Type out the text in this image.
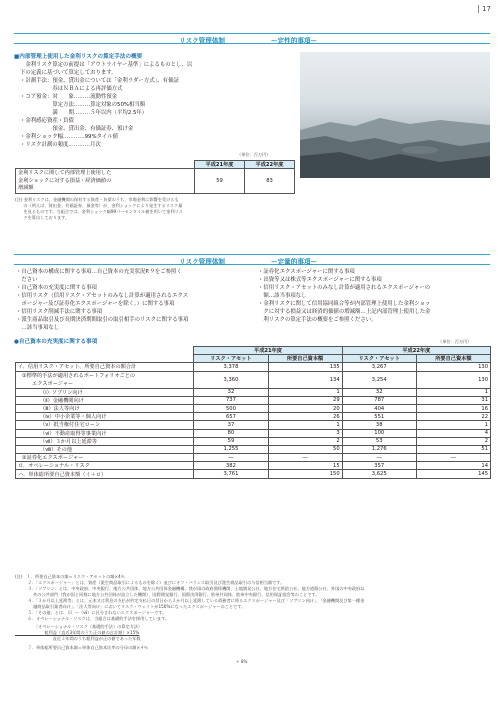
17
リスク管理体制	ー定性的事項ー
■内部管理上使用した金利リスクの算定手法の概要
　金利リスク算定の前提は「アウトライヤー基準」によるものとし、以
下の定義に基づいて算定しております。
・計測手法：預金、貸出金については「金利ラダー方式」、有価証
　　　　　　券はＮＢＡによる再評価方式
・コア預金：対　　象………流動性預金
　　　　　　算定方法………算定対象の50%相当額
　　　　　　満　　期………５年以内（平均2.5年）
・金利感応資産・負債
　　　　　　預金、貸出金、有価証券、預け金
・金利ショック幅…………99%タイル値
・リスク計測の頻度…………月次
（単位：百万円）
	平成21年度	平成22年度

金利リスクに関して内部管理上使用した
金利ショックに対する損益・経済価値の
増減額	59	83
(注) 金利リスクは、金融機関の保有する資産・負債のうち、市場金利に影響を受けるも
　　の（例えば、貸出金、有価証券、預金等）が、金利ショックにより発生するリスク量
　　を見るものです。当組合では、金利ショック幅99パーセンタイル値を用いて金利リス
　　クを算出しております。
リスク管理体制	ー定量的事項ー
・自己資本の構成に関する事項…自己資本の充実状況P.９をご参照く
　ださい
・自己資本の充実度に関する事項
・信用リスク（信用リスク・アセットのみなし計算が適用されるエクス
　ポージャー及び証券化エクスポージャーを除く。）に関する事項
・信用リスク削減手法に関する事項
・派生商品取引及び長期決済期間取引の取引相手のリスクに関する事項
　…該当事項なし
・証券化エクスポージャーに関する事項
・出資等又は株式等エクスポージャーに関する事項
・信用リスク・アセットのみなし計算が適用されるエクスポージャーの
　額…該当事項なし
・金利リスクに関して信用協同組合等が内部管理上使用した金利ショッ
　クに対する損益又は経済的価値の増減額…上記内部管理上使用した金
　利リスクの算定手法の概要をご参照ください。
●自己資本の充実度に関する事項	（単位：百万円）
	平成21年度		平成22年度	
	リスク・アセット	所要自己資本額	リスク・アセット	所要自己資本額
イ．信用リスク・アセット、所要自己資本の額合計	3,378	135	3,267	130

①標準的手法が適用されるポートフォリオごとの
エクスポージャー	3,360	134	3,254	130
（ⅰ）ソブリン向け	32	1	32	1
（ⅱ）金融機関向け	737	29	787	31
（ⅲ）法人等向け	500	20	404	16
（ⅳ）中小企業等・個人向け	657	26	551	22
（ⅴ）抵当権付住宅ローン	37	1	38	1
（ⅵ）不動産取得等事業向け	80	3	100	4
（ⅶ）３か月以上延滞等	59	2	53	2
（ⅷ）その他	1,255	50	1,276	51
②証券化エクスポージャー	―	―	―	―
ロ．オペレーショナル・リスク	382	15	357	14
ハ．単体総所要自己資本額（イ＋ロ）	3,761	150	3,625	145
(注)　１．所要自己資本の額＝リスク・アセットの額×4％
　　　２．「エクスポージャー」とは、資産（派生商品取引によるものを除く）並びにオフ・バランス取引及び派生商品取引の与信相当額です。
　　　３．「ソブリン」とは、中央政府、中央銀行、地方公共団体、地方公共団体金融機構、我が国の政府関係機関、土地開発公社、地方住宅供給公社、地方道路公社、外国の中央政府以
　　　　 外の公共部門（我が国と同様に地方公共団体が設立した機関）、国際開発銀行、国際決済銀行、欧州共同体、欧州中央銀行、信用保証協会等のことです。
　　　４．「３か月以上延滞等」とは、元本又は利息の支払が約定支払日の翌日から３か月以上延滞している債務者に係るエクスポージャー及び「ソブリン向け」、「金融機関及び第一種金
　　　　 融商品取引業者向け」、「法人等向け」においてリスク・ウェイトが150%になったエクスポージャーのことです。
　　　５．「その他」とは、（ⅰ）～（ⅶ）に区分されないエクスポージャーです。
　　　６．オペレーショナル・リスクは、当組合は基礎的手法を採用しています。
　　　　　〈オペレーショナル・リスク（基礎的手法）の算定方法〉
　　　　　　　粗利益（直近3年間のうち正の値の合計額）×15%
　　　　　　　　　直近３年間のうち粗利益が正の値であった年数
　　　７．単体総所要自己資本額＝単体自己資本比率の分母の額×４％
÷ 8%
